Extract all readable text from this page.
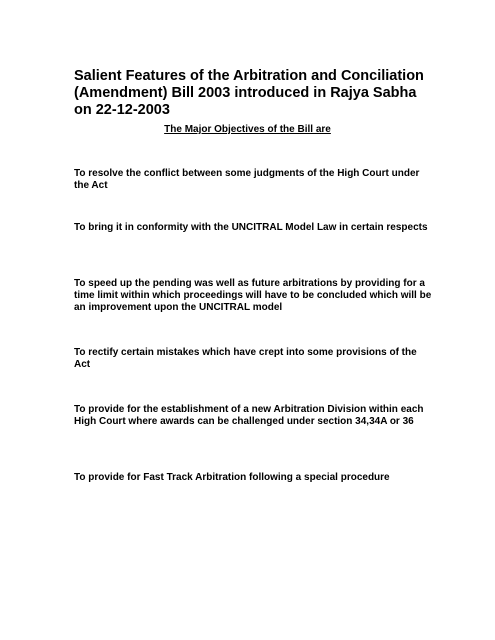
Salient Features of the Arbitration and Conciliation (Amendment) Bill 2003 introduced in Rajya Sabha on 22-12-2003

The Major Objectives of the Bill are

To resolve the conflict between some judgments of the High Court under the Act

To bring it in conformity with the UNCITRAL Model Law in certain respects

To speed up the pending was well as future arbitrations by providing for a time limit within which proceedings will have to be concluded which will be an improvement upon the UNCITRAL model

To rectify certain mistakes which have crept into some provisions of the Act

To provide for the establishment of a new Arbitration Division within each High Court where awards can be challenged under section 34,34A or 36

To provide for Fast Track Arbitration following a special procedure
